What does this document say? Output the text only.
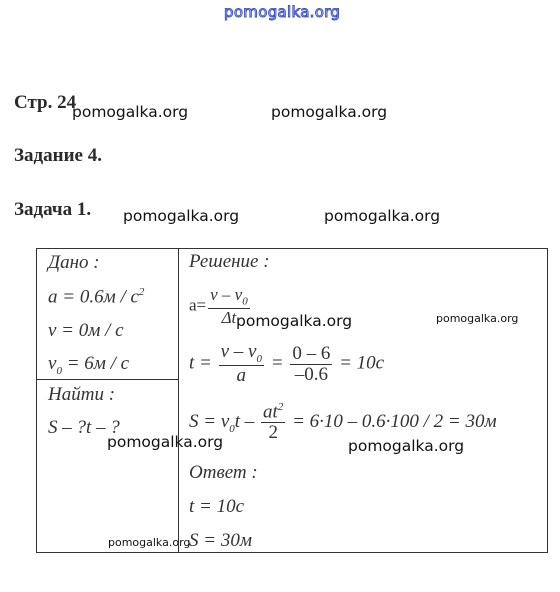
pomogalka.org
Стр. 24
Задание 4.
Задача 1.
pomogalka.org	pomogalka.org
pomogalka.org	pomogalka.org
Дано :
$a = 0.6м / с^2$
v = 0м / с
$v_0 = 6м / с$
Найти :
S – ?t – ?
Решение :
$a= \frac{v - v_0}{\Delta t}$
$t = \frac{v - v_0}{a} = \frac{0 - 6}{-0.6} = 10с$
$S = v_0t - \frac{at^2}{2} = 6\cdot 10 - 0.6\cdot 100 / 2 = 30м$
Ответ :
t = 10с
S = 30м
pomogalka.org	pomogalka.org
pomogalka.org	pomogalka.org
pomogalka.org
